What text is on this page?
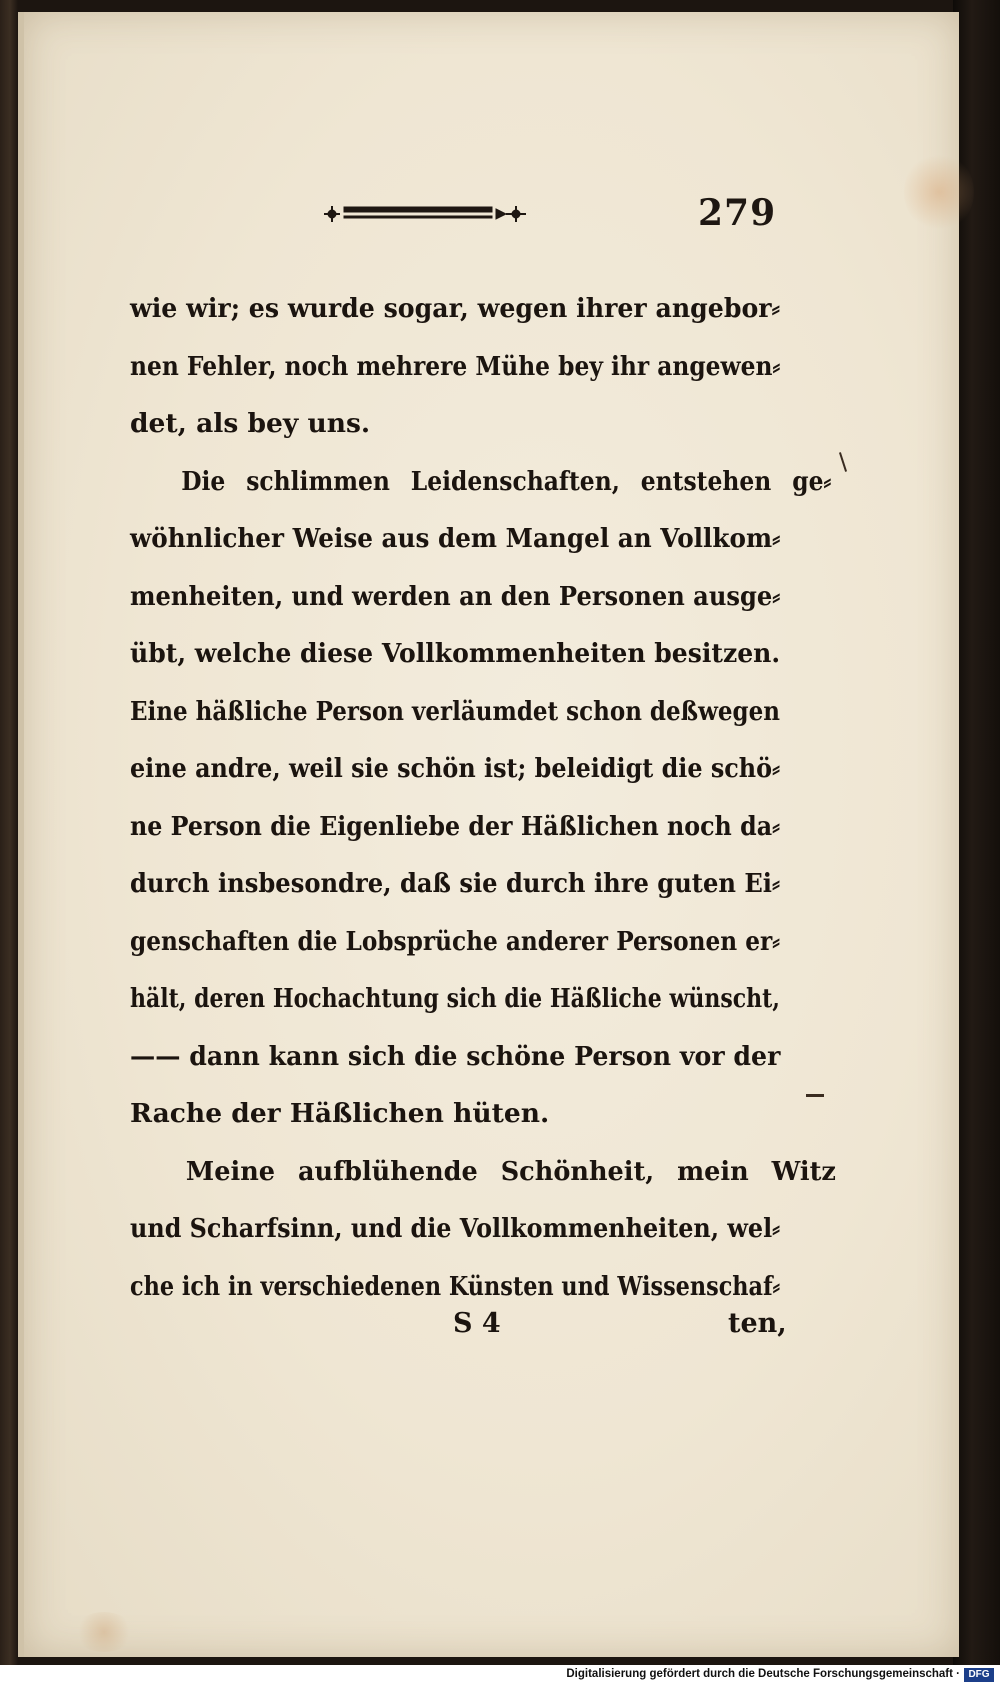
279
wie wir; es wurde sogar, wegen ihrer angebor⸗
nen Fehler, noch mehrere Mühe bey ihr angewen⸗
det, als bey uns.
Die schlimmen Leidenschaften, entstehen ge⸗
wöhnlicher Weise aus dem Mangel an Vollkom⸗
menheiten, und werden an den Personen ausge⸗
übt, welche diese Vollkommenheiten besitzen.
Eine häßliche Person verläumdet schon deßwegen
eine andre, weil sie schön ist; beleidigt die schö⸗
ne Person die Eigenliebe der Häßlichen noch da⸗
durch insbesondre, daß sie durch ihre guten Ei⸗
genschaften die Lobsprüche anderer Personen er⸗
hält, deren Hochachtung sich die Häßliche wünscht,
—— dann kann sich die schöne Person vor der
Rache der Häßlichen hüten.
Meine aufblühende Schönheit, mein Witz
und Scharfsinn, und die Vollkommenheiten, wel⸗
che ich in verschiedenen Künsten und Wissenschaf⸗
S 4	ten,
Digitalisierung gefördert durch die Deutsche Forschungsgemeinschaft · DFG
